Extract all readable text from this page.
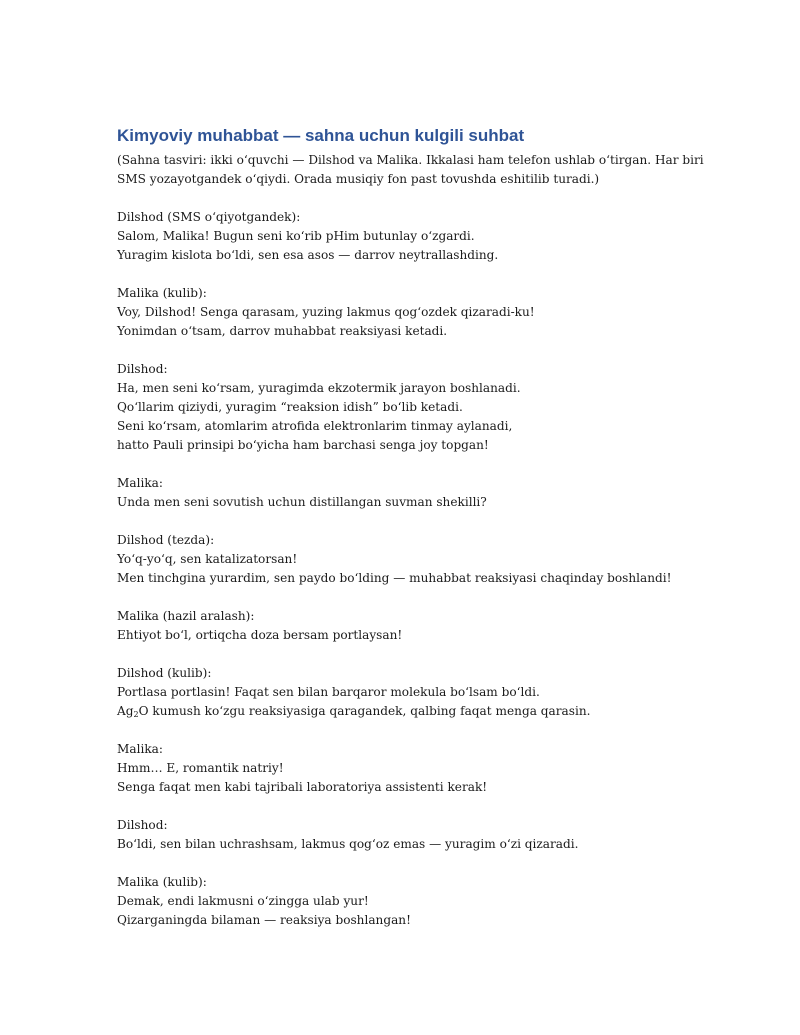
Kimyoviy muhabbat — sahna uchun kulgili suhbat
(Sahna tasviri: ikki o‘quvchi — Dilshod va Malika. Ikkalasi ham telefon ushlab o‘tirgan. Har biri
SMS yozayotgandek o‘qiydi. Orada musiqiy fon past tovushda eshitilib turadi.)
Dilshod (SMS o‘qiyotgandek):
Salom, Malika! Bugun seni ko‘rib pHim butunlay o‘zgardi.
Yuragim kislota bo‘ldi, sen esa asos — darrov neytrallashding.
Malika (kulib):
Voy, Dilshod! Senga qarasam, yuzing lakmus qog‘ozdek qizaradi-ku!
Yonimdan o‘tsam, darrov muhabbat reaksiyasi ketadi.
Dilshod:
Ha, men seni ko‘rsam, yuragimda ekzotermik jarayon boshlanadi.
Qo‘llarim qiziydi, yuragim “reaksion idish” bo‘lib ketadi.
Seni ko‘rsam, atomlarim atrofida elektronlarim tinmay aylanadi,
hatto Pauli prinsipi bo‘yicha ham barchasi senga joy topgan!
Malika:
Unda men seni sovutish uchun distillangan suvman shekilli?
Dilshod (tezda):
Yo‘q-yo‘q, sen katalizatorsan!
Men tinchgina yurardim, sen paydo bo‘lding — muhabbat reaksiyasi chaqinday boshlandi!
Malika (hazil aralash):
Ehtiyot bo‘l, ortiqcha doza bersam portlaysan!
Dilshod (kulib):
Portlasa portlasin! Faqat sen bilan barqaror molekula bo‘lsam bo‘ldi.
$Ag_2O$ kumush ko‘zgu reaksiyasiga qaragandek, qalbing faqat menga qarasin.
Malika:
Hmm… E, romantik natriy!
Senga faqat men kabi tajribali laboratoriya assistenti kerak!
Dilshod:
Bo‘ldi, sen bilan uchrashsam, lakmus qog‘oz emas — yuragim o‘zi qizaradi.
Malika (kulib):
Demak, endi lakmusni o‘zingga ulab yur!
Qizarganingda bilaman — reaksiya boshlangan!
